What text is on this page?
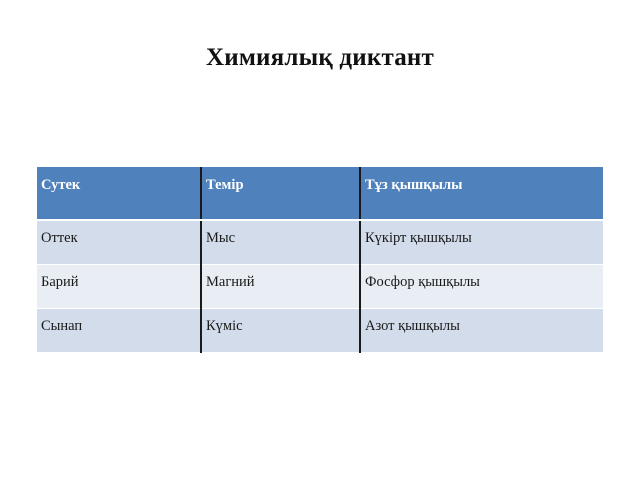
Химиялық диктант
Сутек		Темір		Тұз қышқылы	
Оттек		Мыс		Күкірт қышқылы	
Барий		Магний		Фосфор қышқылы	
Сынап		Күміс		Азот қышқылы	
